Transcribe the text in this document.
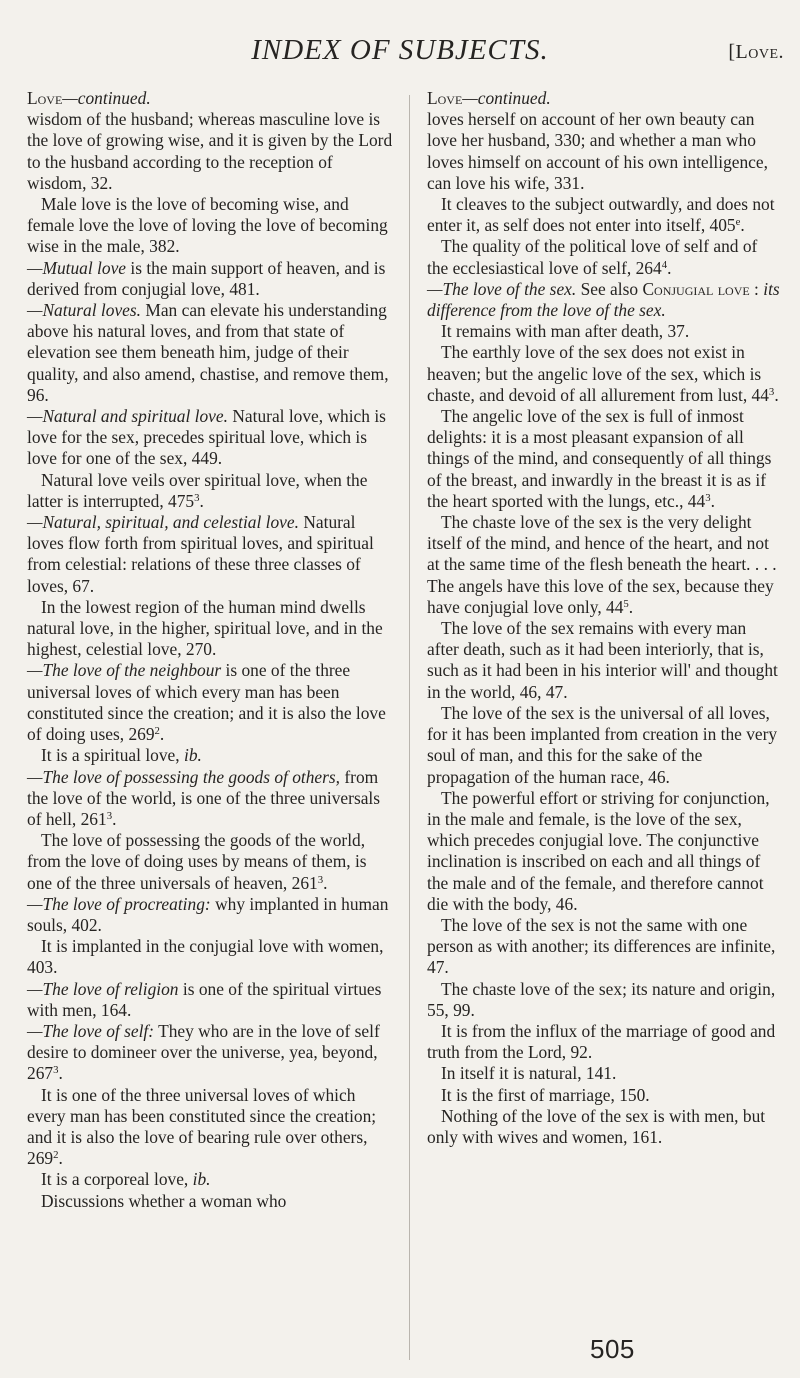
INDEX OF SUBJECTS.	[Love.

Love—continued.

wisdom of the husband; whereas masculine love is the love of growing wise, and it is given by the Lord to the husband according to the reception of wisdom, 32.

Male love is the love of becoming wise, and female love the love of loving the love of becoming wise in the male, 382.

—Mutual love is the main support of heaven, and is derived from conjugial love, 481.

—Natural loves. Man can elevate his understanding above his natural loves, and from that state of elevation see them beneath him, judge of their quality, and also amend, chastise, and remove them, 96.

—Natural and spiritual love. Natural love, which is love for the sex, precedes spiritual love, which is love for one of the sex, 449.

Natural love veils over spiritual love, when the latter is interrupted, $475^3$.

—Natural, spiritual, and celestial love. Natural loves flow forth from spiritual loves, and spiritual from celestial: relations of these three classes of loves, 67.

In the lowest region of the human mind dwells natural love, in the higher, spiritual love, and in the highest, celestial love, 270.

—The love of the neighbour is one of the three universal loves of which every man has been constituted since the creation; and it is also the love of doing uses, $269^2$.

It is a spiritual love, ib.

—The love of possessing the goods of others, from the love of the world, is one of the three universals of hell, $261^3$.

The love of possessing the goods of the world, from the love of doing uses by means of them, is one of the three universals of heaven, $261^3$.

—The love of procreating: why implanted in human souls, 402.

It is implanted in the conjugial love with women, 403.

—The love of religion is one of the spiritual virtues with men, 164.

—The love of self: They who are in the love of self desire to domineer over the universe, yea, beyond, $267^3$.

It is one of the three universal loves of which every man has been constituted since the creation; and it is also the love of bearing rule over others, $269^2$.

It is a corporeal love, ib.

Discussions whether a woman who

Love—continued.

loves herself on account of her own beauty can love her husband, 330; and whether a man who loves himself on account of his own intelligence, can love his wife, 331.

It cleaves to the subject outwardly, and does not enter it, as self does not enter into itself, 405e.

The quality of the political love of self and of the ecclesiastical love of self, $264^4$.

—The love of the sex. See also Conjugial love : its difference from the love of the sex.

It remains with man after death, 37.

The earthly love of the sex does not exist in heaven; but the angelic love of the sex, which is chaste, and devoid of all allurement from lust, $44^3$.

The angelic love of the sex is full of inmost delights: it is a most pleasant expansion of all things of the mind, and consequently of all things of the breast, and inwardly in the breast it is as if the heart sported with the lungs, etc., $44^3$.

The chaste love of the sex is the very delight itself of the mind, and hence of the heart, and not at the same time of the flesh beneath the heart. . . . The angels have this love of the sex, because they have conjugial love only, $44^5$.

The love of the sex remains with every man after death, such as it had been interiorly, that is, such as it had been in his interior will' and thought in the world, 46, 47.

The love of the sex is the universal of all loves, for it has been implanted from creation in the very soul of man, and this for the sake of the propagation of the human race, 46.

The powerful effort or striving for conjunction, in the male and female, is the love of the sex, which precedes conjugial love. The conjunctive inclination is inscribed on each and all things of the male and of the female, and therefore cannot die with the body, 46.

The love of the sex is not the same with one person as with another; its differences are infinite, 47.

The chaste love of the sex; its nature and origin, 55, 99.

It is from the influx of the marriage of good and truth from the Lord, 92.

In itself it is natural, 141.

It is the first of marriage, 150.

Nothing of the love of the sex is with men, but only with wives and women, 161.

505
